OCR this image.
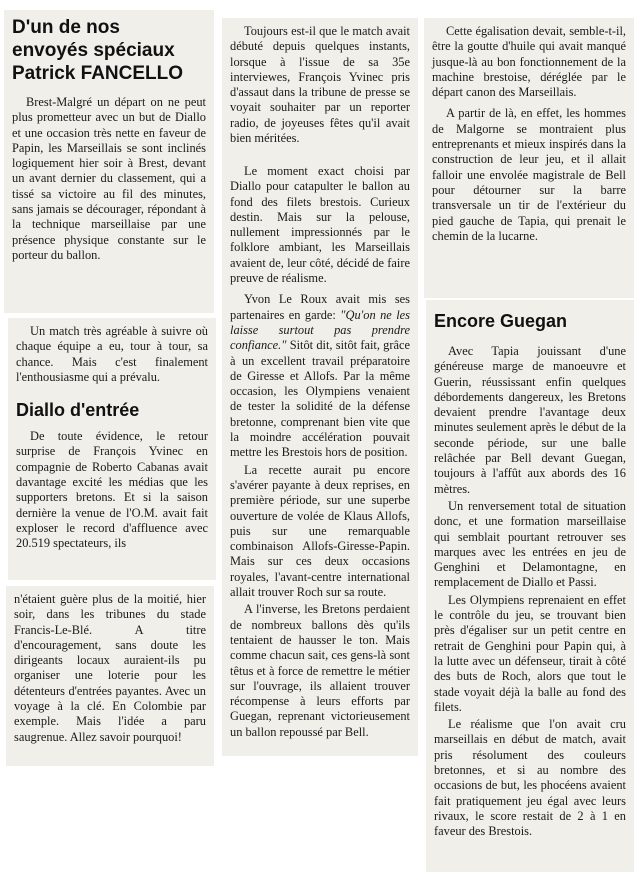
D'un de nos
envoyés spéciaux
Patrick FANCELLO

Brest-Malgré un départ on ne peut plus prometteur avec un but de Diallo et une occasion très nette en faveur de Papin, les Marseillais se sont inclinés logiquement hier soir à Brest, devant un avant dernier du classement, qui a tissé sa victoire au fil des minutes, sans jamais se décourager, répondant à la technique marseillaise par une présence physique constante sur le porteur du ballon.

Un match très agréable à suivre où chaque équipe a eu, tour à tour, sa chance. Mais c'est finalement l'enthousiasme qui a prévalu.

Diallo d'entrée

De toute évidence, le retour surprise de François Yvinec en compagnie de Roberto Cabanas avait davantage excité les médias que les supporters bretons. Et si la saison dernière la venue de l'O.M. avait fait exploser le record d'affluence avec 20.519 spectateurs, ils

n'étaient guère plus de la moitié, hier soir, dans les tribunes du stade Francis-Le-Blé. A titre d'encouragement, sans doute les dirigeants locaux auraient-ils pu organiser une loterie pour les détenteurs d'entrées payantes. Avec un voyage à la clé. En Colombie par exemple. Mais l'idée a paru saugrenue. Allez savoir pourquoi!

Toujours est-il que le match avait débuté depuis quelques instants, lorsque à l'issue de sa 35e interviewes, François Yvinec pris d'assaut dans la tribune de presse se voyait souhaiter par un reporter radio, de joyeuses fêtes qu'il avait bien méritées.

Le moment exact choisi par Diallo pour catapulter le ballon au fond des filets brestois. Curieux destin. Mais sur la pelouse, nullement impressionnés par le folklore ambiant, les Marseillais avaient de, leur côté, décidé de faire preuve de réalisme.

Yvon Le Roux avait mis ses partenaires en garde: "Qu'on ne les laisse surtout pas prendre confiance." Sitôt dit, sitôt fait, grâce à un excellent travail préparatoire de Giresse et Allofs. Par la même occasion, les Olympiens venaient de tester la solidité de la défense bretonne, comprenant bien vite que la moindre accélération pouvait mettre les Brestois hors de position.

La recette aurait pu encore s'avérer payante à deux reprises, en première période, sur une superbe ouverture de volée de Klaus Allofs, puis sur une remarquable combinaison Allofs-Giresse-Papin. Mais sur ces deux occasions royales, l'avant-centre international allait trouver Roch sur sa route.

A l'inverse, les Bretons perdaient de nombreux ballons dès qu'ils tentaient de hausser le ton. Mais comme chacun sait, ces gens-là sont têtus et à force de remettre le métier sur l'ouvrage, ils allaient trouver récompense à leurs efforts par Guegan, reprenant victorieusement un ballon repoussé par Bell.

Cette égalisation devait, semble-t-il, être la goutte d'huile qui avait manqué jusque-là au bon fonctionnement de la machine brestoise, déréglée par le départ canon des Marseillais.

A partir de là, en effet, les hommes de Malgorne se montraient plus entreprenants et mieux inspirés dans la construction de leur jeu, et il allait falloir une envolée magistrale de Bell pour détourner sur la barre transversale un tir de l'extérieur du pied gauche de Tapia, qui prenait le chemin de la lucarne.

Encore Guegan

Avec Tapia jouissant d'une généreuse marge de manoeuvre et Guerin, réussissant enfin quelques débordements dangereux, les Bretons devaient prendre l'avantage deux minutes seulement après le début de la seconde période, sur une balle relâchée par Bell devant Guegan, toujours à l'affût aux abords des 16 mètres.

Un renversement total de situation donc, et une formation marseillaise qui semblait pourtant retrouver ses marques avec les entrées en jeu de Genghini et Delamontagne, en remplacement de Diallo et Passi.

Les Olympiens reprenaient en effet le contrôle du jeu, se trouvant bien près d'égaliser sur un petit centre en retrait de Genghini pour Papin qui, à la lutte avec un défenseur, tirait à côté des buts de Roch, alors que tout le stade voyait déjà la balle au fond des filets.

Le réalisme que l'on avait cru marseillais en début de match, avait pris résolument des couleurs bretonnes, et si au nombre des occasions de but, les phocéens avaient fait pratiquement jeu égal avec leurs rivaux, le score restait de 2 à 1 en faveur des Brestois.
